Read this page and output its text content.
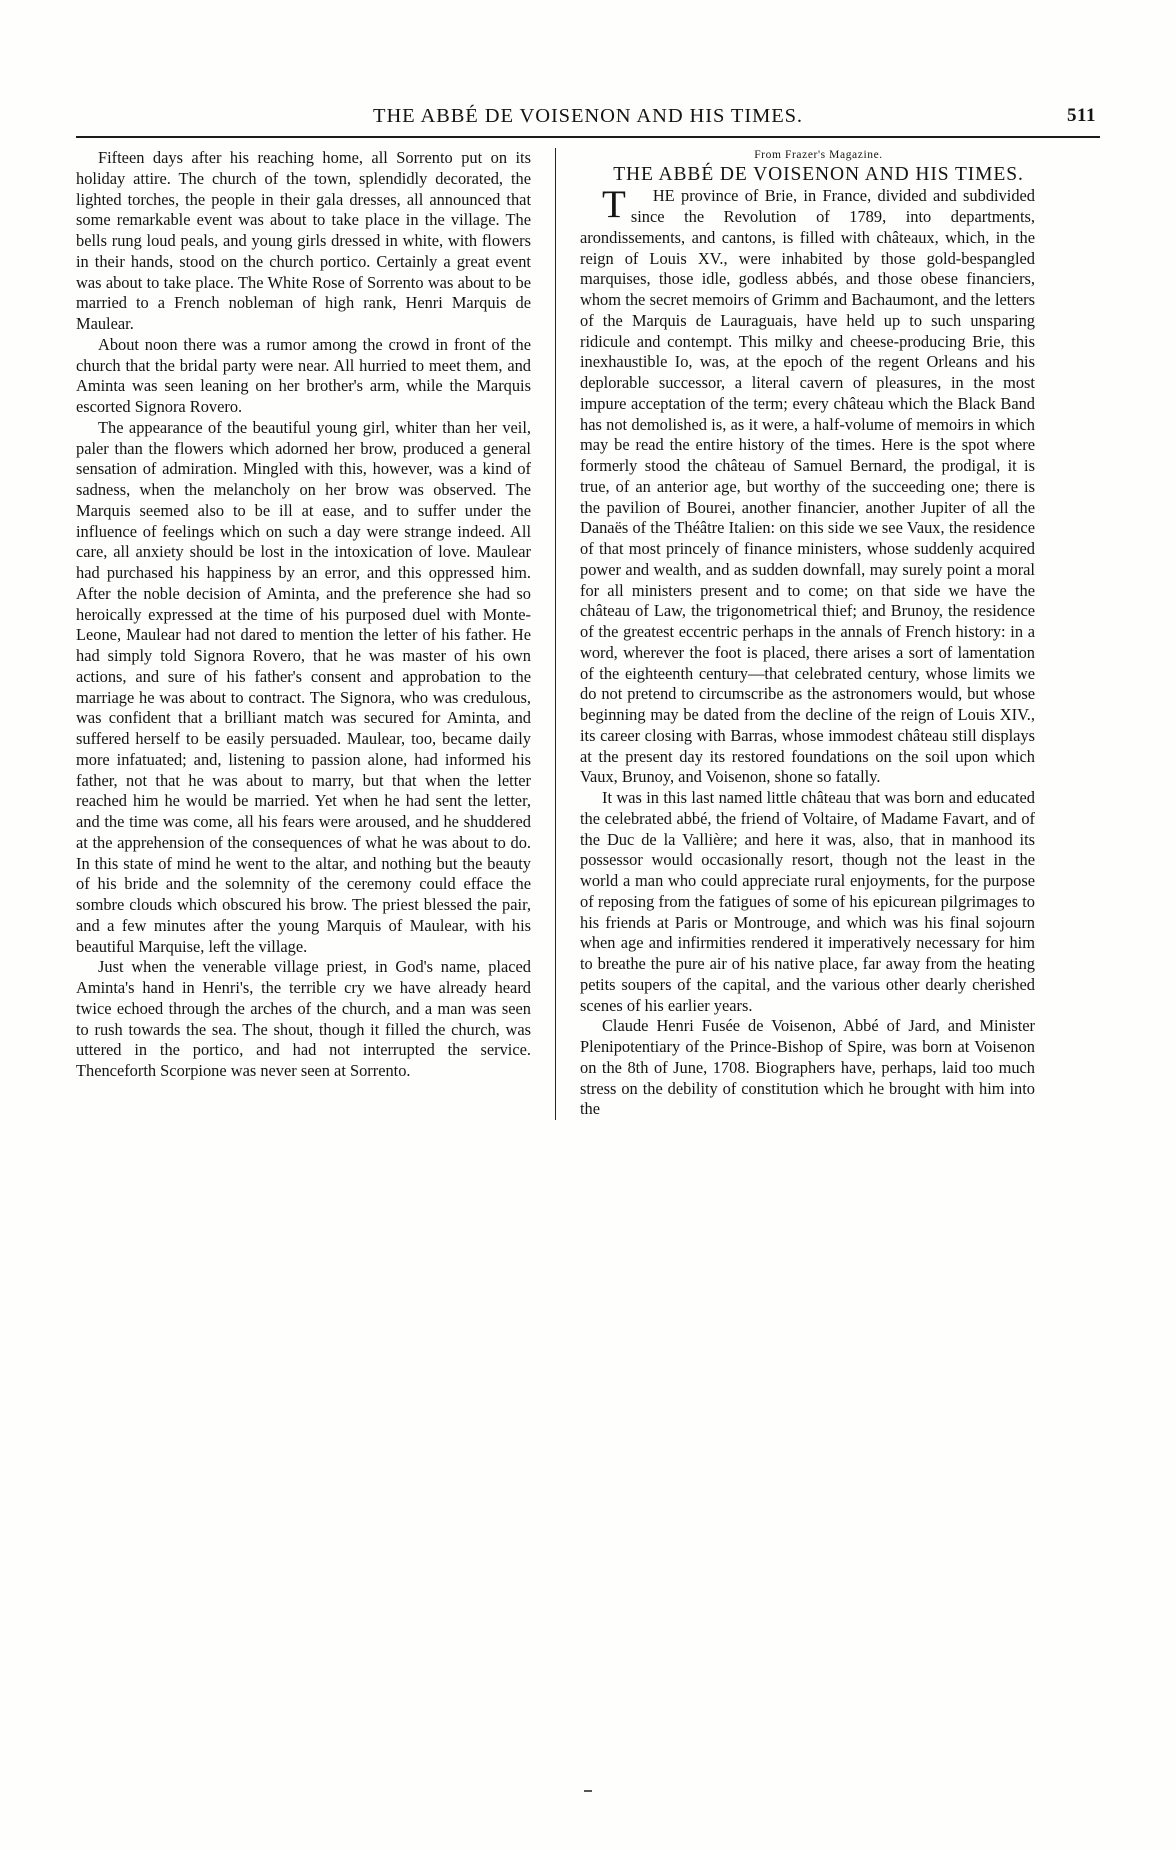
THE ABBÉ DE VOISENON AND HIS TIMES.	511

Fifteen days after his reaching home, all Sorrento put on its holiday attire. The church of the town, splendidly decorated, the lighted torches, the people in their gala dresses, all announced that some remarkable event was about to take place in the village. The bells rung loud peals, and young girls dressed in white, with flowers in their hands, stood on the church portico. Certainly a great event was about to take place. The White Rose of Sorrento was about to be married to a French nobleman of high rank, Henri Marquis de Maulear.

About noon there was a rumor among the crowd in front of the church that the bridal party were near. All hurried to meet them, and Aminta was seen leaning on her brother's arm, while the Marquis escorted Signora Rovero.

The appearance of the beautiful young girl, whiter than her veil, paler than the flowers which adorned her brow, produced a general sensation of admiration. Mingled with this, however, was a kind of sadness, when the melancholy on her brow was observed. The Marquis seemed also to be ill at ease, and to suffer under the influence of feelings which on such a day were strange indeed. All care, all anxiety should be lost in the intoxication of love. Maulear had purchased his happiness by an error, and this oppressed him. After the noble decision of Aminta, and the preference she had so heroically expressed at the time of his purposed duel with Monte-Leone, Maulear had not dared to mention the letter of his father. He had simply told Signora Rovero, that he was master of his own actions, and sure of his father's consent and approbation to the marriage he was about to contract. The Signora, who was credulous, was confident that a brilliant match was secured for Aminta, and suffered herself to be easily persuaded. Maulear, too, became daily more infatuated; and, listening to passion alone, had informed his father, not that he was about to marry, but that when the letter reached him he would be married. Yet when he had sent the letter, and the time was come, all his fears were aroused, and he shuddered at the apprehension of the consequences of what he was about to do. In this state of mind he went to the altar, and nothing but the beauty of his bride and the solemnity of the ceremony could efface the sombre clouds which obscured his brow. The priest blessed the pair, and a few minutes after the young Marquis of Maulear, with his beautiful Marquise, left the village.

Just when the venerable village priest, in God's name, placed Aminta's hand in Henri's, the terrible cry we have already heard twice echoed through the arches of the church, and a man was seen to rush towards the sea. The shout, though it filled the church, was uttered in the portico, and had not interrupted the service. Thenceforth Scorpione was never seen at Sorrento.

From Frazer's Magazine.

THE ABBÉ DE VOISENON AND HIS TIMES.

T	HE province of Brie, in France, divided and subdivided since the Revolution of 1789, into departments, arondissements, and cantons, is filled with châteaux, which, in the reign of Louis XV., were inhabited by those gold-bespangled marquises, those idle, godless abbés, and those obese financiers, whom the secret memoirs of Grimm and Bachaumont, and the letters of the Marquis de Lauraguais, have held up to such unsparing ridicule and contempt. This milky and cheese-producing Brie, this inexhaustible Io, was, at the epoch of the regent Orleans and his deplorable successor, a literal cavern of pleasures, in the most impure acceptation of the term; every château which the Black Band has not demolished is, as it were, a half-volume of memoirs in which may be read the entire history of the times. Here is the spot where formerly stood the château of Samuel Bernard, the prodigal, it is true, of an anterior age, but worthy of the succeeding one; there is the pavilion of Bourei, another financier, another Jupiter of all the Danaës of the Théâtre Italien: on this side we see Vaux, the residence of that most princely of finance ministers, whose suddenly acquired power and wealth, and as sudden downfall, may surely point a moral for all ministers present and to come; on that side we have the château of Law, the trigonometrical thief; and Brunoy, the residence of the greatest eccentric perhaps in the annals of French history: in a word, wherever the foot is placed, there arises a sort of lamentation of the eighteenth century—that celebrated century, whose limits we do not pretend to circumscribe as the astronomers would, but whose beginning may be dated from the decline of the reign of Louis XIV., its career closing with Barras, whose immodest château still displays at the present day its restored foundations on the soil upon which Vaux, Brunoy, and Voisenon, shone so fatally.

It was in this last named little château that was born and educated the celebrated abbé, the friend of Voltaire, of Madame Favart, and of the Duc de la Vallière; and here it was, also, that in manhood its possessor would occasionally resort, though not the least in the world a man who could appreciate rural enjoyments, for the purpose of reposing from the fatigues of some of his epicurean pilgrimages to his friends at Paris or Montrouge, and which was his final sojourn when age and infirmities rendered it imperatively necessary for him to breathe the pure air of his native place, far away from the heating petits soupers of the capital, and the various other dearly cherished scenes of his earlier years.

Claude Henri Fusée de Voisenon, Abbé of Jard, and Minister Plenipotentiary of the Prince-Bishop of Spire, was born at Voisenon on the 8th of June, 1708. Biographers have, perhaps, laid too much stress on the debility of constitution which he brought with him into the
